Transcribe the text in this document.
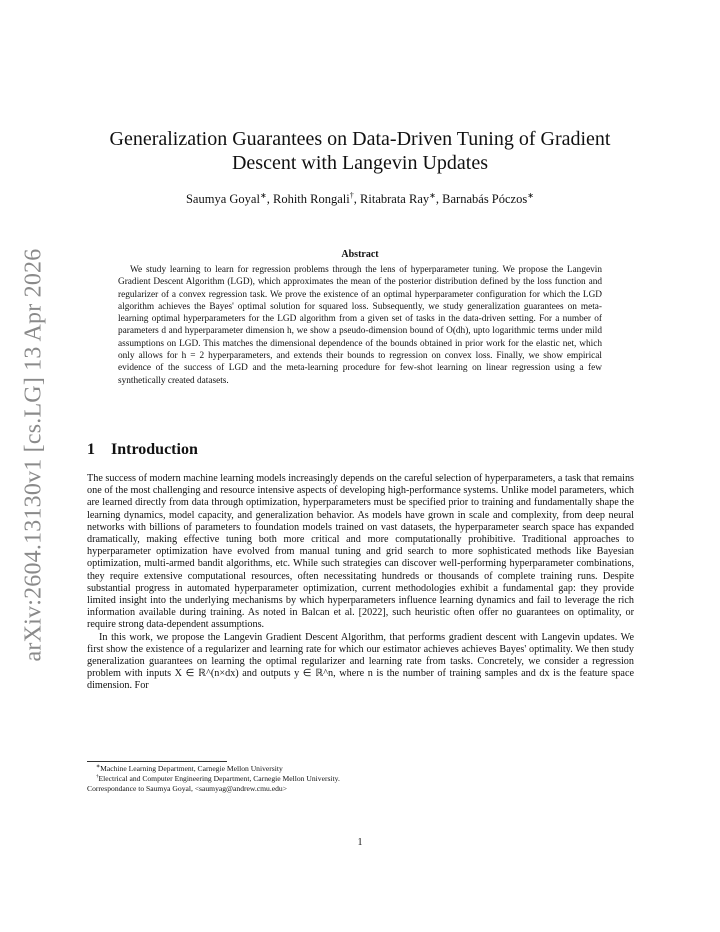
arXiv:2604.13130v1 [cs.LG] 13 Apr 2026
Generalization Guarantees on Data-Driven Tuning of Gradient Descent with Langevin Updates
Saumya Goyal∗, Rohith Rongali†, Ritabrata Ray∗, Barnabás Póczos∗
Abstract

We study learning to learn for regression problems through the lens of hyperparameter tuning. We propose the Langevin Gradient Descent Algorithm (LGD), which approximates the mean of the posterior distribution defined by the loss function and regularizer of a convex regression task. We prove the existence of an optimal hyperparameter configuration for which the LGD algorithm achieves the Bayes' optimal solution for squared loss. Subsequently, we study generalization guarantees on meta-learning optimal hyperparameters for the LGD algorithm from a given set of tasks in the data-driven setting. For a number of parameters d and hyperparameter dimension h, we show a pseudo-dimension bound of O(dh), upto logarithmic terms under mild assumptions on LGD. This matches the dimensional dependence of the bounds obtained in prior work for the elastic net, which only allows for h = 2 hyperparameters, and extends their bounds to regression on convex loss. Finally, we show empirical evidence of the success of LGD and the meta-learning procedure for few-shot learning on linear regression using a few synthetically created datasets.

1 Introduction

The success of modern machine learning models increasingly depends on the careful selection of hyperparameters, a task that remains one of the most challenging and resource intensive aspects of developing high-performance systems. Unlike model parameters, which are learned directly from data through optimization, hyperparameters must be specified prior to training and fundamentally shape the learning dynamics, model capacity, and generalization behavior. As models have grown in scale and complexity, from deep neural networks with billions of parameters to foundation models trained on vast datasets, the hyperparameter search space has expanded dramatically, making effective tuning both more critical and more computationally prohibitive. Traditional approaches to hyperparameter optimization have evolved from manual tuning and grid search to more sophisticated methods like Bayesian optimization, multi-armed bandit algorithms, etc. While such strategies can discover well-performing hyperparameter combinations, they require extensive computational resources, often necessitating hundreds or thousands of complete training runs. Despite substantial progress in automated hyperparameter optimization, current methodologies exhibit a fundamental gap: they provide limited insight into the underlying mechanisms by which hyperparameters influence learning dynamics and fail to leverage the rich information available during training. As noted in Balcan et al. [2022], such heuristic often offer no guarantees on optimality, or require strong data-dependent assumptions.

In this work, we propose the Langevin Gradient Descent Algorithm, that performs gradient descent with Langevin updates. We first show the existence of a regularizer and learning rate for which our estimator achieves achieves Bayes' optimality. We then study generalization guarantees on learning the optimal regularizer and learning rate from tasks. Concretely, we consider a regression problem with inputs X ∈ ℝ^(n×dx) and outputs y ∈ ℝ^n, where n is the number of training samples and dx is the feature space dimension. For

∗Machine Learning Department, Carnegie Mellon University
†Electrical and Computer Engineering Department, Carnegie Mellon University.
Correspondance to Saumya Goyal, <saumyag@andrew.cmu.edu>
1
